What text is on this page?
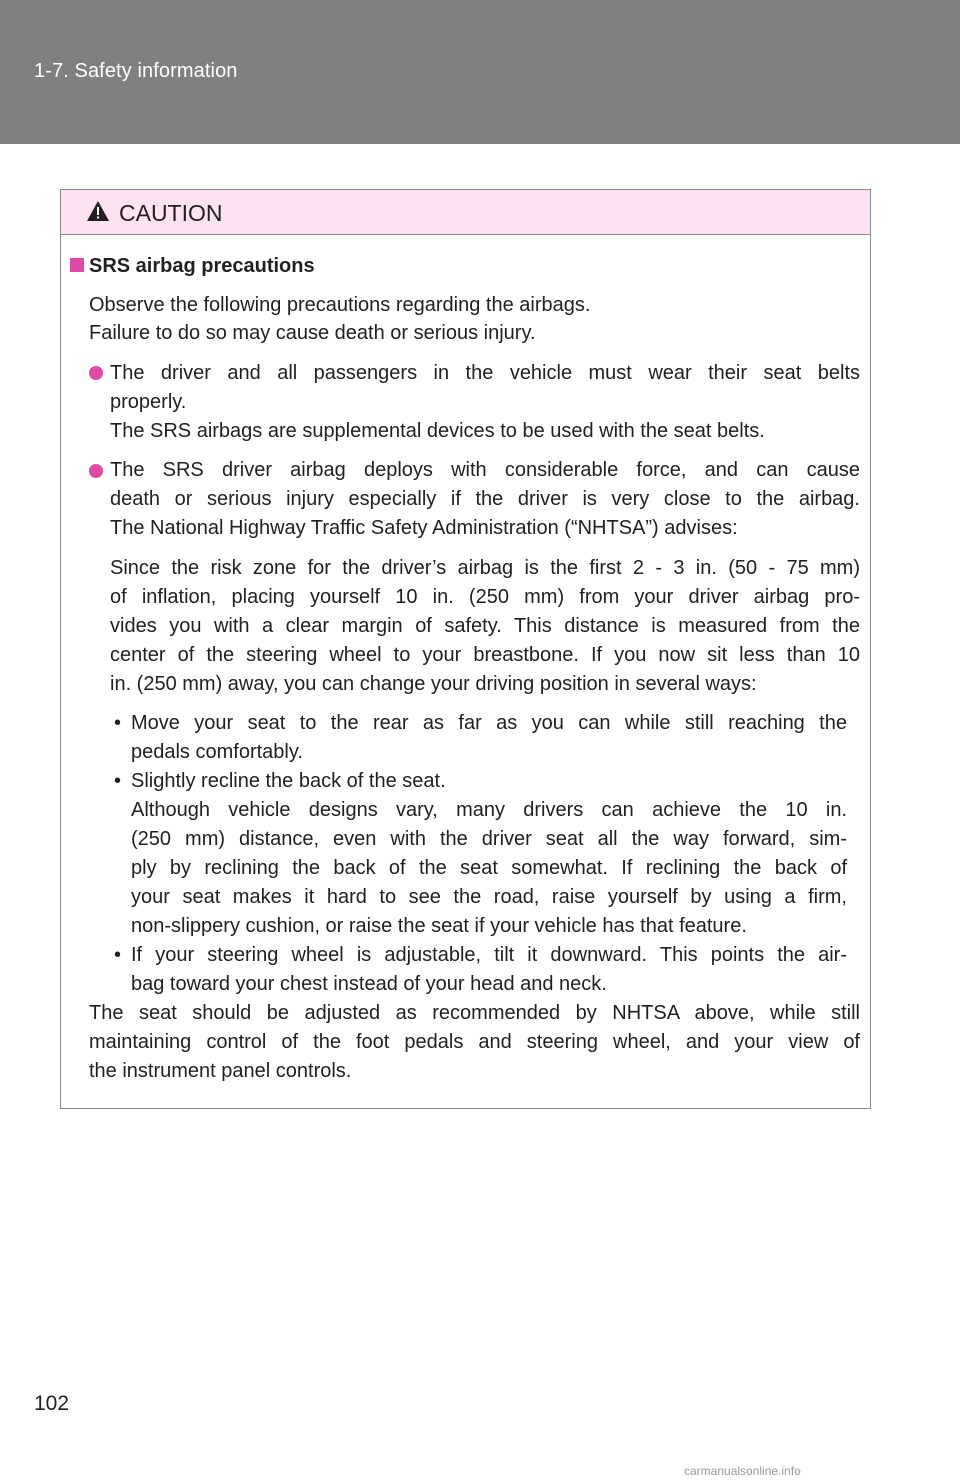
1-7. Safety information
CAUTION
SRS airbag precautions
Observe the following precautions regarding the airbags.
Failure to do so may cause death or serious injury.
The driver and all passengers in the vehicle must wear their seat belts
properly.
The SRS airbags are supplemental devices to be used with the seat belts.
The SRS driver airbag deploys with considerable force, and can cause
death or serious injury especially if the driver is very close to the airbag.
The National Highway Traffic Safety Administration (“NHTSA”) advises:
Since the risk zone for the driver’s airbag is the first 2 - 3 in. (50 - 75 mm)
of inflation, placing yourself 10 in. (250 mm) from your driver airbag pro-
vides you with a clear margin of safety. This distance is measured from the
center of the steering wheel to your breastbone. If you now sit less than 10
in. (250 mm) away, you can change your driving position in several ways:
• Move your seat to the rear as far as you can while still reaching the
pedals comfortably.
• Slightly recline the back of the seat.
Although vehicle designs vary, many drivers can achieve the 10 in.
(250 mm) distance, even with the driver seat all the way forward, sim-
ply by reclining the back of the seat somewhat. If reclining the back of
your seat makes it hard to see the road, raise yourself by using a firm,
non-slippery cushion, or raise the seat if your vehicle has that feature.
• If your steering wheel is adjustable, tilt it downward. This points the air-
bag toward your chest instead of your head and neck.
The seat should be adjusted as recommended by NHTSA above, while still
maintaining control of the foot pedals and steering wheel, and your view of
the instrument panel controls.
102
carmanualsonline.info
